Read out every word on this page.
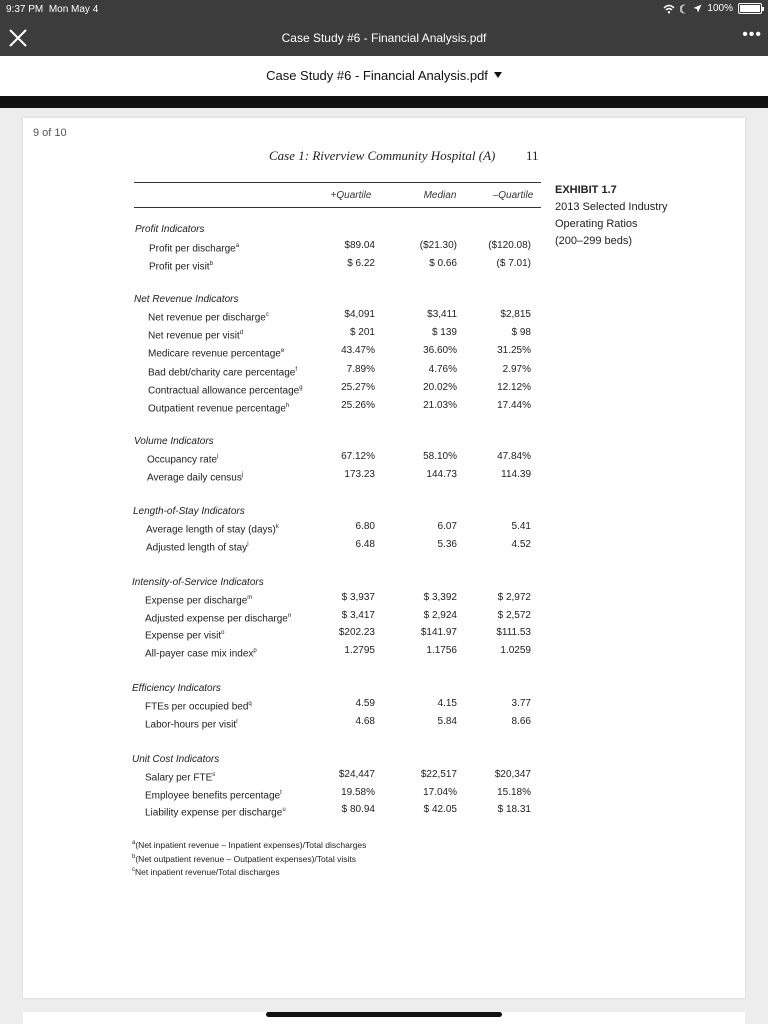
9:37 PM Mon May 4	100%
Case Study #6 - Financial Analysis.pdf	•••
Case Study #6 - Financial Analysis.pdf
9 of 10
Case 1: Riverview Community Hospital (A) 11
+Quartile	Median	–Quartile	EXHIBIT 1.7
2013 Selected Industry
Operating Ratios
(200–299 beds)
Profit Indicators
Profit per discharge$^a$	$89.04	($21.30)	($120.08)
Profit per visit$^b$	$ 6.22	$ 0.66	($ 7.01)
Net Revenue Indicators
Net revenue per discharge$^c$	$4,091	$3,411	$2,815
Net revenue per visit$^d$	$ 201	$ 139	$ 98
Medicare revenue percentage$^e$	43.47%	36.60%	31.25%
Bad debt/charity care percentage$^f$	7.89%	4.76%	2.97%
Contractual allowance percentage$^g$	25.27%	20.02%	12.12%
Outpatient revenue percentage$^h$	25.26%	21.03%	17.44%
Volume Indicators
Occupancy rate$^i$	67.12%	58.10%	47.84%
Average daily census$^j$	173.23	144.73	114.39
Length-of-Stay Indicators
Average length of stay (days)$^k$	6.80	6.07	5.41
Adjusted length of stay$^l$	6.48	5.36	4.52
Intensity-of-Service Indicators
Expense per discharge$^m$	$ 3,937	$ 3,392	$ 2,972
Adjusted expense per discharge$^n$	$ 3,417	$ 2,924	$ 2,572
Expense per visit$^o$	$202.23	$141.97	$111.53
All-payer case mix index$^p$	1.2795	1.1756	1.0259
Efficiency Indicators
FTEs per occupied bed$^q$	4.59	4.15	3.77
Labor-hours per visit$^r$	4.68	5.84	8.66
Unit Cost Indicators
Salary per FTE$^s$	$24,447	$22,517	$20,347
Employee benefits percentage$^t$	19.58%	17.04%	15.18%
Liability expense per discharge$^u$	$ 80.94	$ 42.05	$ 18.31
$^a$(Net inpatient revenue – Inpatient expenses)/Total discharges
$^b$(Net outpatient revenue – Outpatient expenses)/Total visits
$^c$Net inpatient revenue/Total discharges
